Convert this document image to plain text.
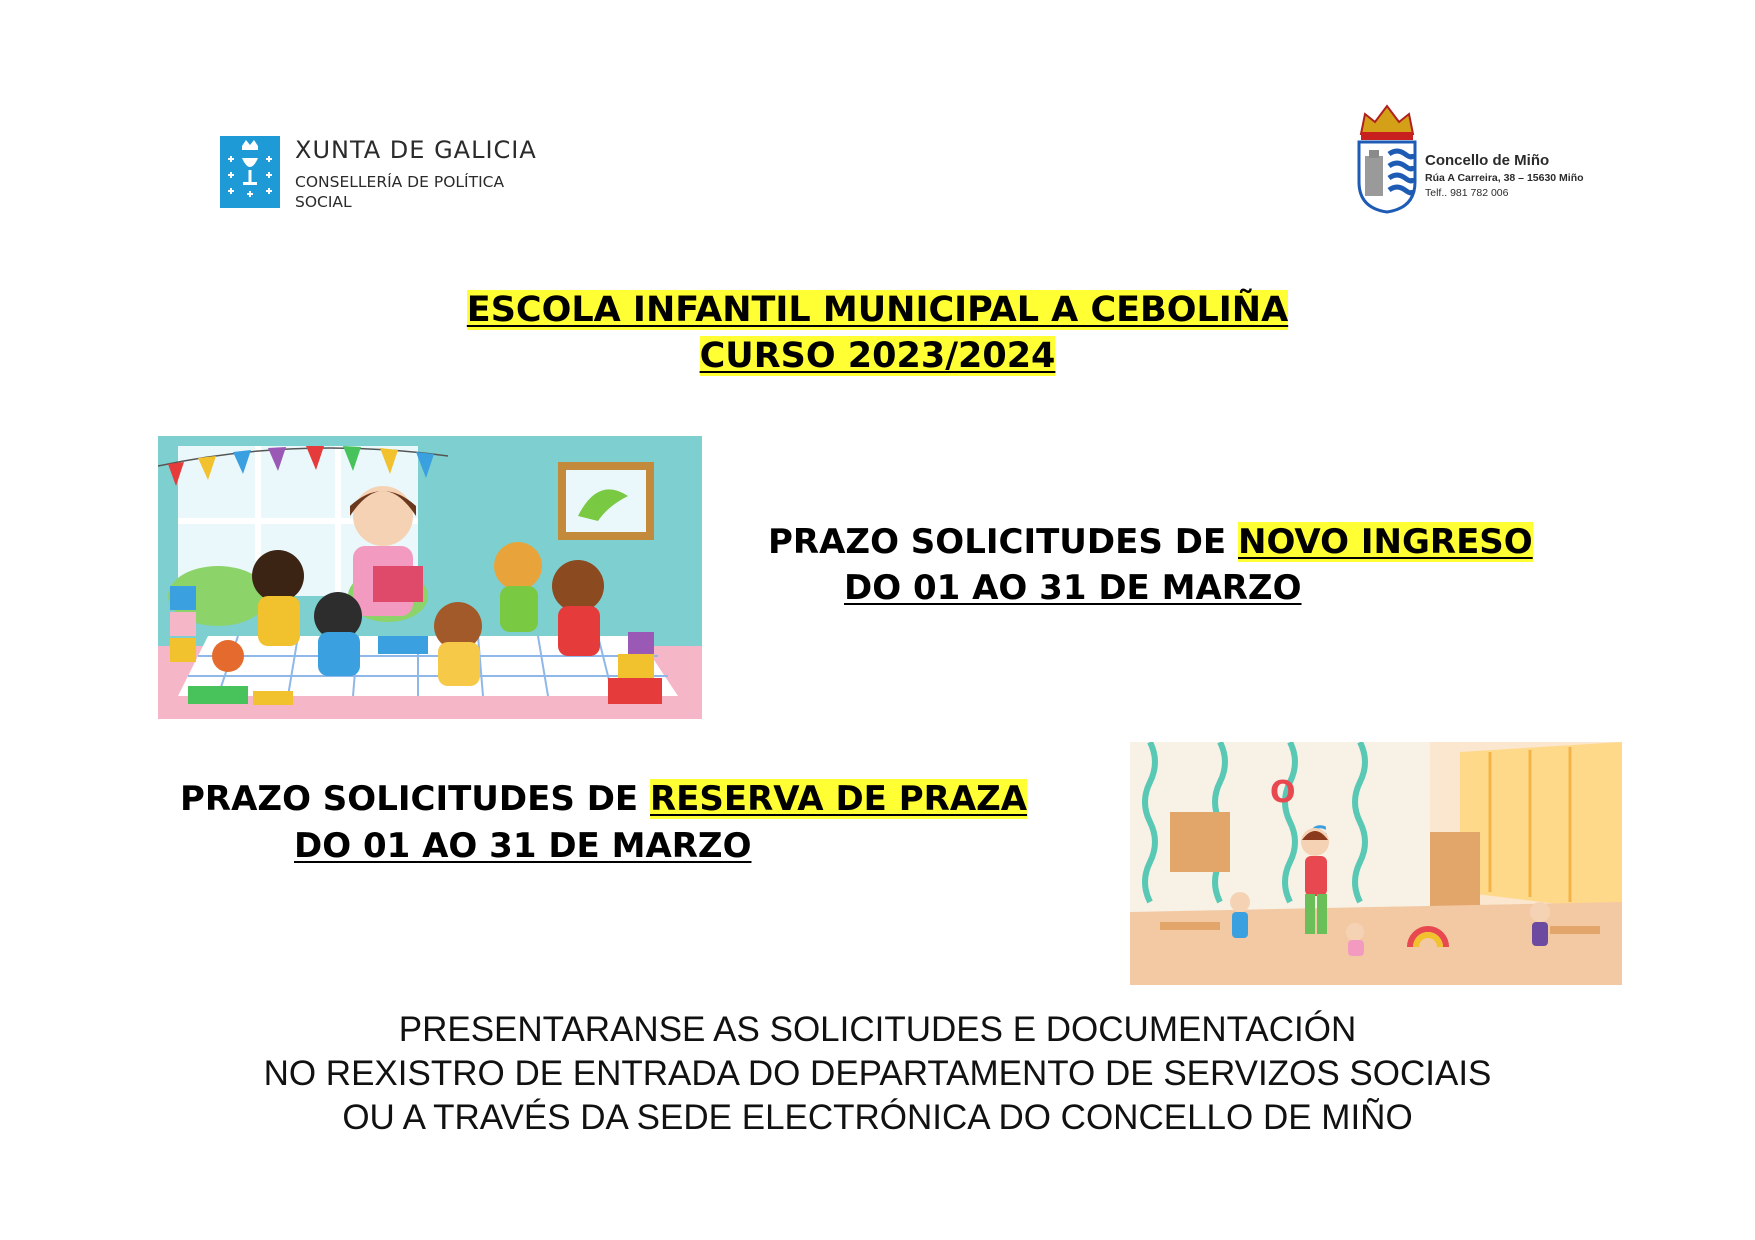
XUNTA DE GALICIA
CONSELLERÍA DE POLÍTICA
SOCIAL
Concello de Miño
Rúa A Carreira, 38 – 15630 Miño
Telf.. 981 782 006
ESCOLA INFANTIL MUNICIPAL A CEBOLIÑA
CURSO 2023/2024
PRAZO SOLICITUDES DE NOVO INGRESO
DO 01 AO 31 DE MARZO
PRAZO SOLICITUDES DE RESERVA DE PRAZA
DO 01 AO 31 DE MARZO
O
PRESENTARANSE AS SOLICITUDES E DOCUMENTACIÓN
NO REXISTRO DE ENTRADA DO DEPARTAMENTO DE SERVIZOS SOCIAIS
OU A TRAVÉS DA SEDE ELECTRÓNICA DO CONCELLO DE MIÑO
